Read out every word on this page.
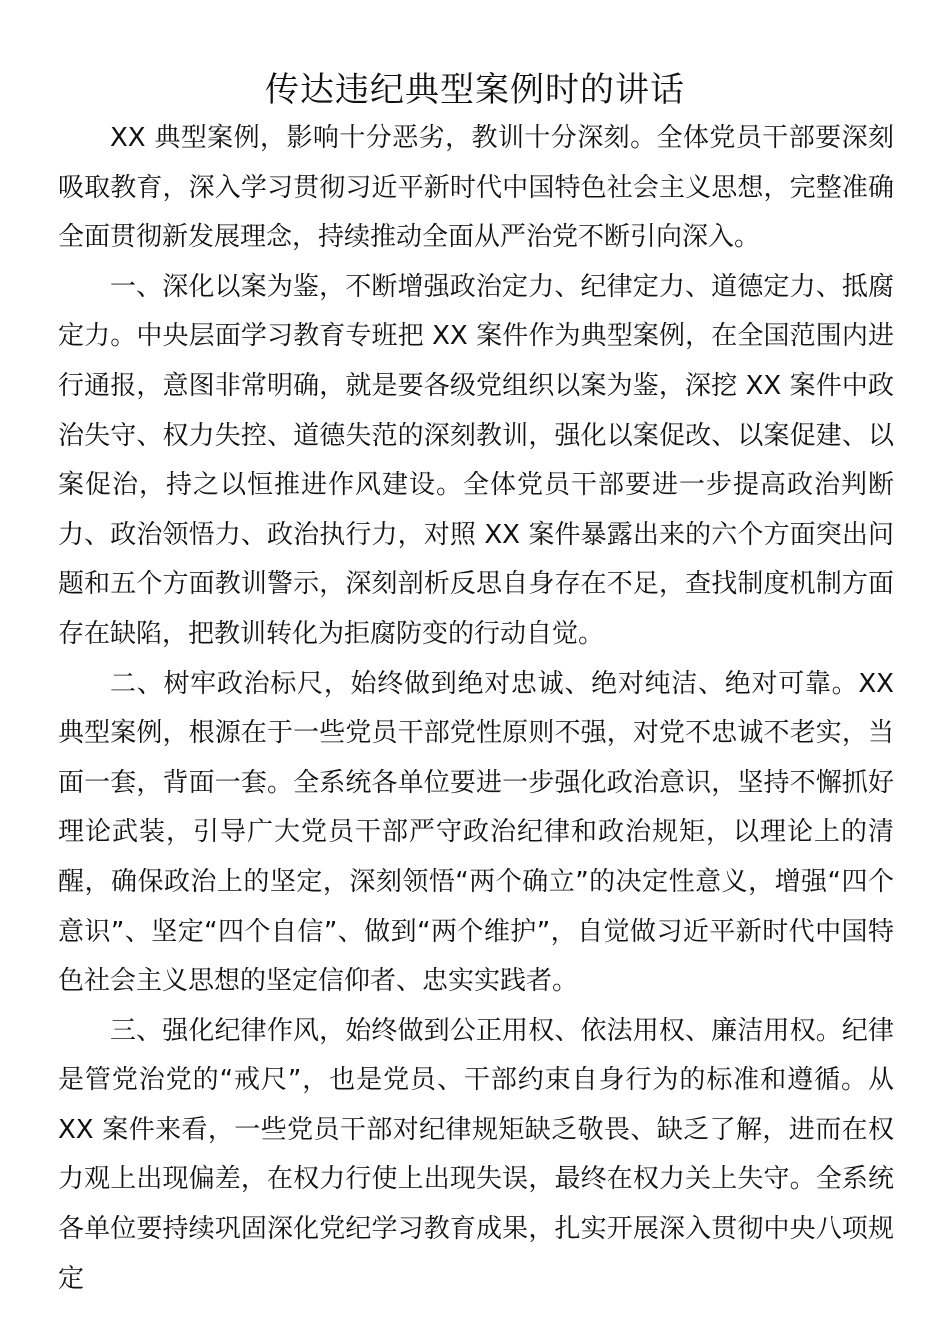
传达违纪典型案例时的讲话

XX 典型案例，影响十分恶劣，教训十分深刻。全体党员干部要深刻吸取教育，深入学习贯彻习近平新时代中国特色社会主义思想，完整准确全面贯彻新发展理念，持续推动全面从严治党不断引向深入。

一、深化以案为鉴，不断增强政治定力、纪律定力、道德定力、抵腐定力。中央层面学习教育专班把 XX 案件作为典型案例，在全国范围内进行通报，意图非常明确，就是要各级党组织以案为鉴，深挖 XX 案件中政治失守、权力失控、道德失范的深刻教训，强化以案促改、以案促建、以案促治，持之以恒推进作风建设。全体党员干部要进一步提高政治判断力、政治领悟力、政治执行力，对照 XX 案件暴露出来的六个方面突出问题和五个方面教训警示，深刻剖析反思自身存在不足，查找制度机制方面存在缺陷，把教训转化为拒腐防变的行动自觉。

二、树牢政治标尺，始终做到绝对忠诚、绝对纯洁、绝对可靠。XX 典型案例，根源在于一些党员干部党性原则不强，对党不忠诚不老实，当面一套，背面一套。全系统各单位要进一步强化政治意识，坚持不懈抓好理论武装，引导广大党员干部严守政治纪律和政治规矩，以理论上的清醒，确保政治上的坚定，深刻领悟“两个确立”的决定性意义，增强“四个意识”、坚定“四个自信”、做到“两个维护”，自觉做习近平新时代中国特色社会主义思想的坚定信仰者、忠实实践者。

三、强化纪律作风，始终做到公正用权、依法用权、廉洁用权。纪律是管党治党的“戒尺”，也是党员、干部约束自身行为的标准和遵循。从 XX 案件来看，一些党员干部对纪律规矩缺乏敬畏、缺乏了解，进而在权力观上出现偏差，在权力行使上出现失误，最终在权力关上失守。全系统各单位要持续巩固深化党纪学习教育成果，扎实开展深入贯彻中央八项规定
